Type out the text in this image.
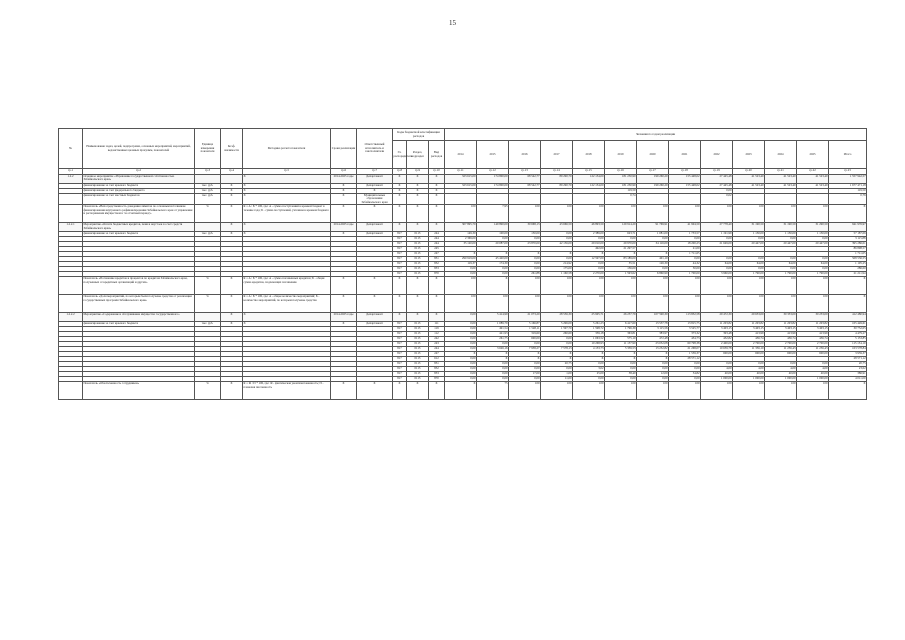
15
№	Наименование задач, целей, подпрограмм, основных мероприятий, мероприятий, ведомственных целевых программ, показателей	Единица измерения показателя	Коэф. значимости	Методика расчета показателя	Сроки реализации	Ответственный исполнитель и соисполнители	Коды бюджетной классификации расходов			Значения по годам реализации												
							Гл. распорядитель	Раздел, подраздел	Вид расходов	2014	2015	2016	2017	2018	2019	2020	2021	2022	2023	2024	2025	Итого
гр.1	гр.2	гр.3	гр.4	гр.5	гр.6	гр.7	гр.8	гр.9	гр.10	гр.11	гр.12	гр.13	гр.14	гр.15	гр.16	гр.17	гр.18	гр.19	гр.20	гр.21	гр.22	гр.23
1.2.2	Основное мероприятие «Управление государственной собственностью Забайкальского края»			X	2014-2025 годы	Департамент	X	X	X	323 615,00	174 800,00	68 542,77	89 290,70	122 134,00	181 230,90	199 260,20	155 448,02	27 445,48	41 523,40	41 523,40	41 523,40	1 557 942,57
	финансирование за счет краевого бюджета	тыс. руб.	X	X	X	Департамент	X	X	X	323 615,00	174 800,00	68 542,77	89 290,70	122 134,00	181 230,90	199 260,20	155 448,02	27 445,48	41 523,40	41 523,40	41 523,40	1 677 471,18
	финансирование за счет федерального бюджета	тыс. руб.	X	X	X	X	X	X	X						119,50			0,00				119,50
	финансирование за счет местных бюджетов	тыс. руб.	X	X	X	Муниципальные образования Забайкальского края	X	X	X						0,74			0,02				0,76
	Показатель «Непосредственность доведения лимитов по основным источникам финансирования внутреннего рефинансирования Забайкальского края от управления и распоряжения имуществом в 'за отчетный период'»	%	X	R = A / Б * 100, где: A - сумма поступлений в краевой бюджет в течение года; Б - сумма поступлений, учтенная в краевом бюджете	X	X	X	X	X	100	7,95	100	100	100	100	100	100	100	100	100	100	X
1.2.2.1	Мероприятие «Оплата бюджетных кредитов, пени и неустоек за счет средств Забайкальского края»		X	X	2014-2025 годы	Департамент	X	X	X	307 895,70	149 890,00	30 668,13	43 666,50	46 893,50	129 914,20	91 769,91	41 904,50	27 778,40	31 190,50	31 190,50	31 290,50	941 976,97
	финансирование за счет краевого бюджета	тыс. руб.	X	X	X	Департамент	817	0113	244	149,30	100,00	150,00	0,00	2 389,00	623,71	1 081,00	1 733,57	1 191,99	1 130,00	1 130,00	1 130,00	57 187,06
							817	0113	244	2 369,00	0,00	0,00	0,00	0,00	0,00	0,00	0,00	0,00	0,00	0,00	0,00	3 115,88
							817	0113	244	35 120,00	20 087,00	23 870,00	42 156,00	29 010,00	29 970,00	34 116,00	18 200,23	21 649,00	20 447,00	20 447,00	20 447,00	395 286,01
							817	0113	245					492,00	21 297,57		21,00					86 898,57
							817	0113	247	X	X	X	X	X	X	X	1 711,65					1 711,65
							817	0113	831	290 919,00	45 420,00	0,00	0,00	12 597,00	83 189,00	401,10	0,00	0,00	0,00	0,00	0,00	508 536,55
							817	0113	852	119,37	174,30	0,00	214,92	0,00	35,51	126,30	44,32	64,00	64,00	64,00	64,00	1 105,25
							817	0113	853	0,00	0,00	0,00	175,00	0,00	136,00	0,00	50,00	0,00	0,00	0,00	0,00	286,00
							817	0113	870	0,00	0,00	261,88	1 160,58	2 270,00	1 593,62	6 860,90	1 700,00	3 960,00	1 790,00	1 790,00	1 790,00	21 211,94
	Показатель «Погашение кредитов и процентов по кредитам Забайкальского края, полученных от кредитных организаций и других»	%	X	R = A / Б * 100, где: A - сумма погашенных кредитов; Б - общая сумма кредитов, подлежащих погашению	X	X	X	X	X	100	X	100	100	100	100	100	100	100	100	100	100	X
	Показатель «Доля мероприятий, по которым были получены средства от реализации государственных программ Забайкальского края»	%	X	R = A / Б * 100, где: A - общее количество мероприятий; Б - количество мероприятий, по которым получены средства	X	X	X	X	X	100	100	100	100	100	100	100	100	100	100	100	100	X
1.2.2.2	Мероприятие «Содержание и обслуживание имущества государственного»		X	X	2014-2025 годы	Департамент	X	X	X	0,00	5 414,99	21 073,20	28 556,30	25 905,71	26 257,79	107 590,30	113 832,58	29 472,30	29 633,00	30 333,00	30 233,00	412 480,94
	финансирование за счет краевого бюджета	тыс. руб.	X	X	X	Департамент	817	0113	111	0,00	1 089,79	5 166,87	5 296,00	5 261,23	6 417,60	13 537,78	13 815,75	11 203,82	11 203,82	11 203,82	11 203,82	105 449,61
							817	0113	119	0,00	491,54	1 548,11	1 597,70	1 598,72	1 796,39	3 115,56	3 525,77	3 403,15	3 403,15	3 403,15	3 403,15	30 752,05
							817	0113	112	0,00	421,93	319,60	260,60	359,18	363,81	383,97	373,32	393,48	413,99	413,99	413,99	4 479,27
							817	0113	242	0,00	261,75	600,00	0,00	1 063,52	575,10	472,48	434,73	432,82	436,74	436,74	436,74	5 153,85
							817	0113	243	0,00	0,00	0,00	0,00	10 268,93	11 137,90	23 052,08	60 798,38	2 400,00	2 700,00	2 700,00	2 700,00	115 154,10
							817	0113	244	0,00	3 626,16	7 938,27	7 578,13	4 133,73	5 339,53	13 252,82	21 268,07	10 659,78	11 356,10	11 256,43	11 256,43	103 578,84
							817	0113	247	X	X	X	X	X	X	X	1 559,37	600,00	600,00	600,00	600,00	3 959,37
							817	0113	612	0,00	X	X	X	X	X	X	28 571,12					28 571,12
							817	0113	831	0,00	0,00	0,00	20,75	0,00	0,00	0,00	0,00	0,00	0,00	0,00	0,00	20,75
							817	0113	852	0,00	0,00	0,00	0,00	3,02	0,00	0,00	0,00	4,00	4,00	4,00	4,00	23,02
							817	0113	853	0,00	0,00	17,00	1,00	25,00	38,40	12,00	54,82	40,00	40,00	40,00	40,00	386,91
							817	0113	870	0,00	0,00	0,00	11,00	0,00	0,00	0,00	0,00	1 000,00	1 000,00	1 000,00	1 000,00	4 011,00
	Показатель «Обеспеченность сотрудников»	%	X	R = Ф / П * 100, где: Ф - фактическая укомплектованность; П - плановая численность	X	X	X	X	X	X	75	100	100	100	100	100	100	100	100	100	100	X
